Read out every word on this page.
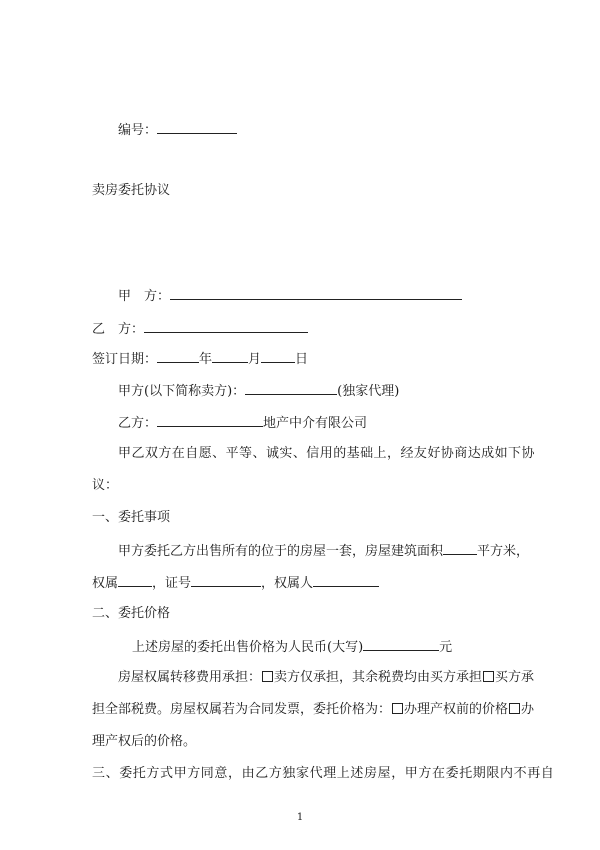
编号：
卖房委托协议
甲　方：
乙　方：
签订日期：	年	月	日
甲方(以下简称卖方)：	(独家代理)
乙方：	地产中介有限公司
甲乙双方在自愿、平等、诚实、信用的基础上，经友好协商达成如下协
议：
一、委托事项
甲方委托乙方出售所有的位于的房屋一套，房屋建筑面积	平方米，
权属	，证号	，权属人
二、委托价格
上述房屋的委托出售价格为人民币(大写)	元
房屋权属转移费用承担： 卖方仅承担，其余税费均由买方承担 买方承
担全部税费。房屋权属若为合同发票，委托价格为： 办理产权前的价格 办
理产权后的价格。
三、委托方式甲方同意，由乙方独家代理上述房屋，甲方在委托期限内不再自
1
